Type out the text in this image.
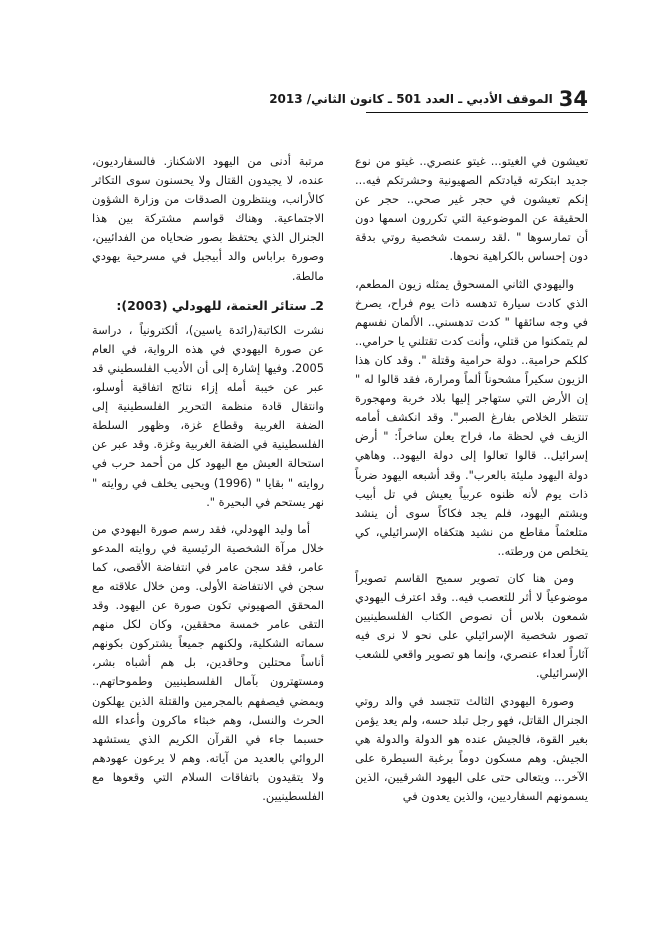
34
الموقف الأدبي ـ العدد 501 ـ كانون الثاني/ 2013

تعيشون في الغيتو... غيتو عنصري.. غيتو من نوع جديد ابتكرته قيادتكم الصهيونية وحشرتكم فيه... إنكم تعيشون في حجر غير صحي.. حجر عن الحقيقة عن الموضوعية التي تكررون اسمها دون أن تمارسوها " .لقد رسمت شخصية روتي بدقة دون إحساس بالكراهية نحوها.

واليهودي الثاني المسحوق يمثله زيون المطعم، الذي كادت سيارة تدهسه ذات يوم فراح، يصرخ في وجه سائقها " كدت تدهسني.. الألمان نفسهم لم يتمكنوا من قتلي، وأنت كدت تقتلني يا حرامي.. كلكم حرامية.. دولة حرامية وقتلة ". وقد كان هذا الزيون سكيراً مشحوناً ألماً ومرارة، فقد قالوا له " إن الأرض التي ستهاجر إليها بلاد خربة ومهجورة تنتظر الخلاص بفارغ الصبر". وقد انكشف أمامه الزيف في لحظة ما، فراح يعلن ساخراً: " أرض إسرائيل.. قالوا تعالوا إلى دولة اليهود.. وهاهي دولة اليهود مليئة بالعرب". وقد أشبعه اليهود ضرباً ذات يوم لأنه ظنوه عربياً يعيش في تل أبيب ويشتم اليهود، فلم يجد فكاكاً سوى أن ينشد متلعثماً مقاطع من نشيد هتكفاه الإسرائيلي، كي يتخلص من ورطته..

ومن هنا كان تصوير سميح القاسم تصويراً موضوعياً لا أثر للتعصب فيه.. وقد اعترف اليهودي شمعون بلاس أن نصوص الكتاب الفلسطينيين تصور شخصية الإسرائيلي على نحو لا نرى فيه آثاراً لعداء عنصري، وإنما هو تصوير واقعي للشعب الإسرائيلي.

وصورة اليهودي الثالث تتجسد في والد روتي الجنرال القاتل، فهو رجل تبلد حسه، ولم يعد يؤمن بغير القوة، فالجيش عنده هو الدولة والدولة هي الجيش. وهم مسكون دوماً برغبة السيطرة على الآخر... ويتعالى حتى على اليهود الشرقيين، الذين يسمونهم السفارديين، والذين يعدون في

مرتبة أدنى من اليهود الاشكناز. فالسفارديون، عنده، لا يجيدون القتال ولا يحسنون سوى التكاثر كالأرانب، وينتظرون الصدقات من وزارة الشؤون الاجتماعية. وهناك قواسم مشتركة بين هذا الجنرال الذي يحتفظ بصور ضحاياه من الفدائيين، وصورة براباس والد أبيجيل في مسرحية يهودي مالطة.

2ـ ستائر العتمة، للهودلي (2003):

نشرت الكاتبة(رائدة ياسين)، ألكترونياً ، دراسة عن صورة اليهودي في هذه الرواية، في العام 2005. وفيها إشارة إلى أن الأديب الفلسطيني قد عبر عن خيبة أمله إزاء نتائج اتفاقية أوسلو، وانتقال قادة منظمة التحرير الفلسطينية إلى الضفة الغربية وقطاع غزة، وظهور السلطة الفلسطينية في الضفة الغربية وغزة. وقد عبر عن استحالة العيش مع اليهود كل من أحمد حرب في روايته " بقايا " (1996) ويحيى يخلف في روايته " نهر يستحم في البحيرة ".

أما وليد الهودلي، فقد رسم صورة اليهودي من خلال مرآة الشخصية الرئيسية في روايته المدعو عامر، فقد سجن عامر في انتفاضة الأقصى، كما سجن في الانتفاضة الأولى. ومن خلال علاقته مع المحقق الصهيوني تكون صورة عن اليهود. وقد التقى عامر خمسة محققين، وكان لكل منهم سماته الشكلية، ولكنهم جميعاً يشتركون بكونهم أناساً محتلين وحاقدين، بل هم أشباه بشر، ومستهترون بآمال الفلسطينيين وطموحاتهم.. ويمضي فيصفهم بالمجرمين والقتلة الذين يهلكون الحرث والنسل، وهم خبثاء ماكرون وأعداء الله حسبما جاء في القرآن الكريم الذي يستشهد الروائي بالعديد من آياته. وهم لا يرعون عهودهم ولا يتقيدون باتفاقات السلام التي وقعوها مع الفلسطينيين.
